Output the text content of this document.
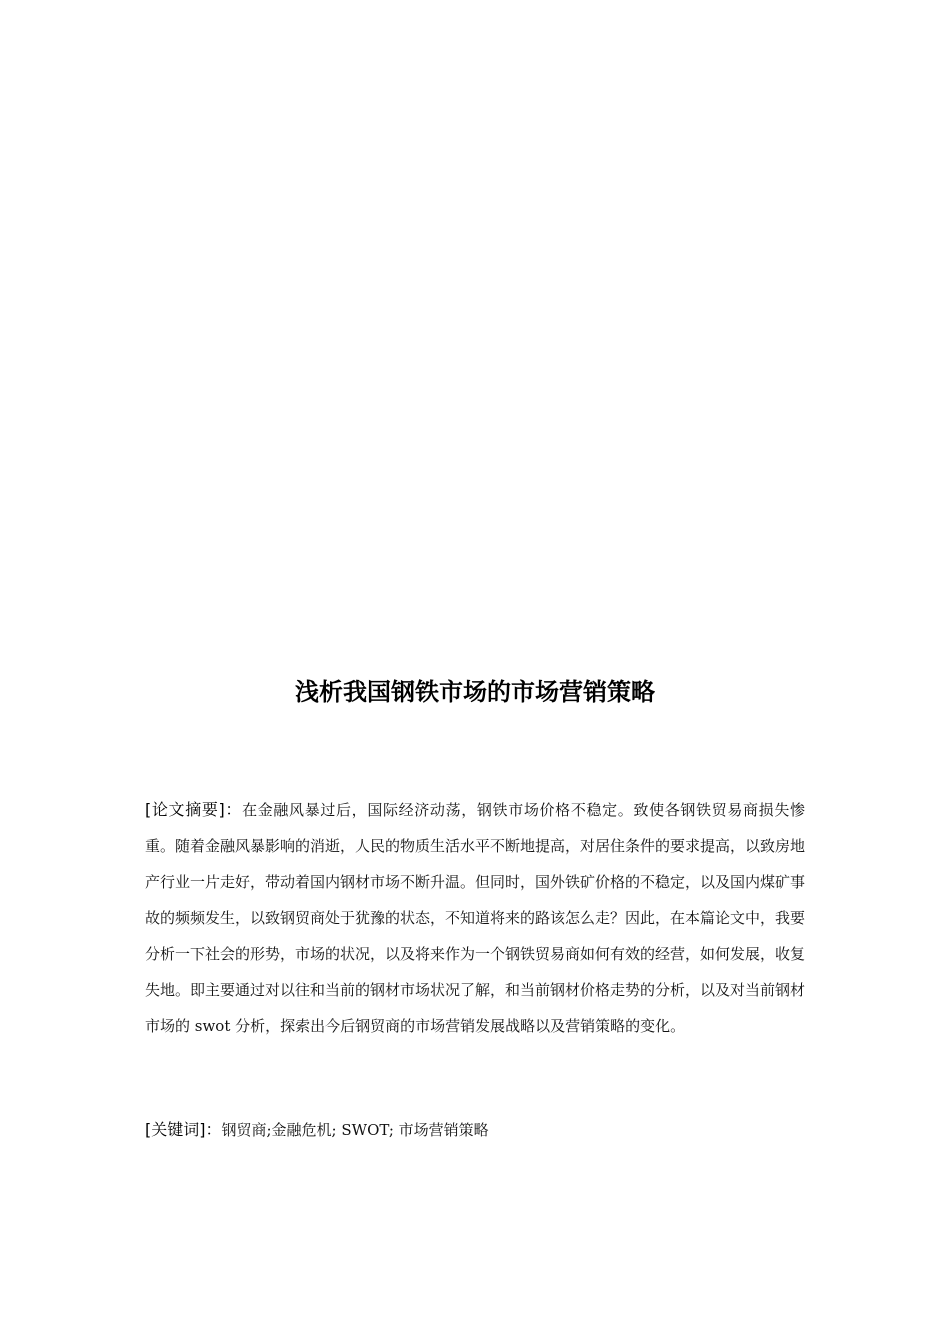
浅析我国钢铁市场的市场营销策略

[论文摘要]：在金融风暴过后，国际经济动荡，钢铁市场价格不稳定。致使各钢铁贸易商损失惨重。随着金融风暴影响的消逝，人民的物质生活水平不断地提高，对居住条件的要求提高，以致房地产行业一片走好，带动着国内钢材市场不断升温。但同时，国外铁矿价格的不稳定，以及国内煤矿事故的频频发生，以致钢贸商处于犹豫的状态，不知道将来的路该怎么走？因此，在本篇论文中，我要分析一下社会的形势，市场的状况，以及将来作为一个钢铁贸易商如何有效的经营，如何发展，收复失地。即主要通过对以往和当前的钢材市场状况了解，和当前钢材价格走势的分析，以及对当前钢材市场的 swot 分析，探索出今后钢贸商的市场营销发展战略以及营销策略的变化。

[关键词]：钢贸商;金融危机; SWOT; 市场营销策略
